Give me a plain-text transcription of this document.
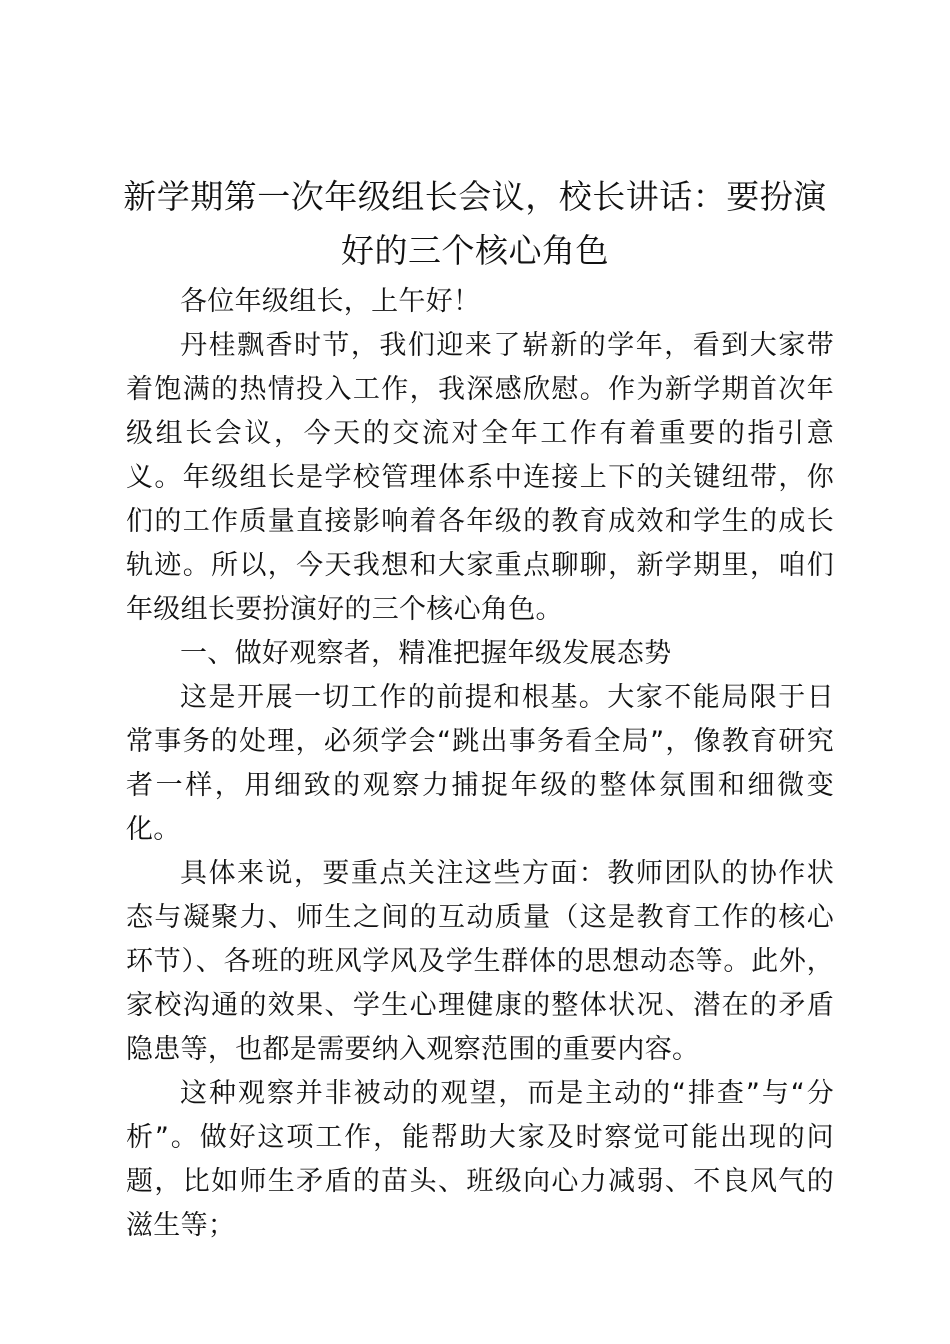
新学期第一次年级组长会议，校长讲话：要扮演好的三个核心角色

各位年级组长，上午好！

丹桂飘香时节，我们迎来了崭新的学年，看到大家带着饱满的热情投入工作，我深感欣慰。作为新学期首次年级组长会议，今天的交流对全年工作有着重要的指引意义。年级组长是学校管理体系中连接上下的关键纽带，你们的工作质量直接影响着各年级的教育成效和学生的成长轨迹。所以，今天我想和大家重点聊聊，新学期里，咱们年级组长要扮演好的三个核心角色。

一、做好观察者，精准把握年级发展态势

这是开展一切工作的前提和根基。大家不能局限于日常事务的处理，必须学会“跳出事务看全局”，像教育研究者一样，用细致的观察力捕捉年级的整体氛围和细微变化。

具体来说，要重点关注这些方面：教师团队的协作状态与凝聚力、师生之间的互动质量（这是教育工作的核心环节）、各班的班风学风及学生群体的思想动态等。此外，家校沟通的效果、学生心理健康的整体状况、潜在的矛盾隐患等，也都是需要纳入观察范围的重要内容。

这种观察并非被动的观望，而是主动的“排查”与“分析”。做好这项工作，能帮助大家及时察觉可能出现的问题，比如师生矛盾的苗头、班级向心力减弱、不良风气的滋生等；
